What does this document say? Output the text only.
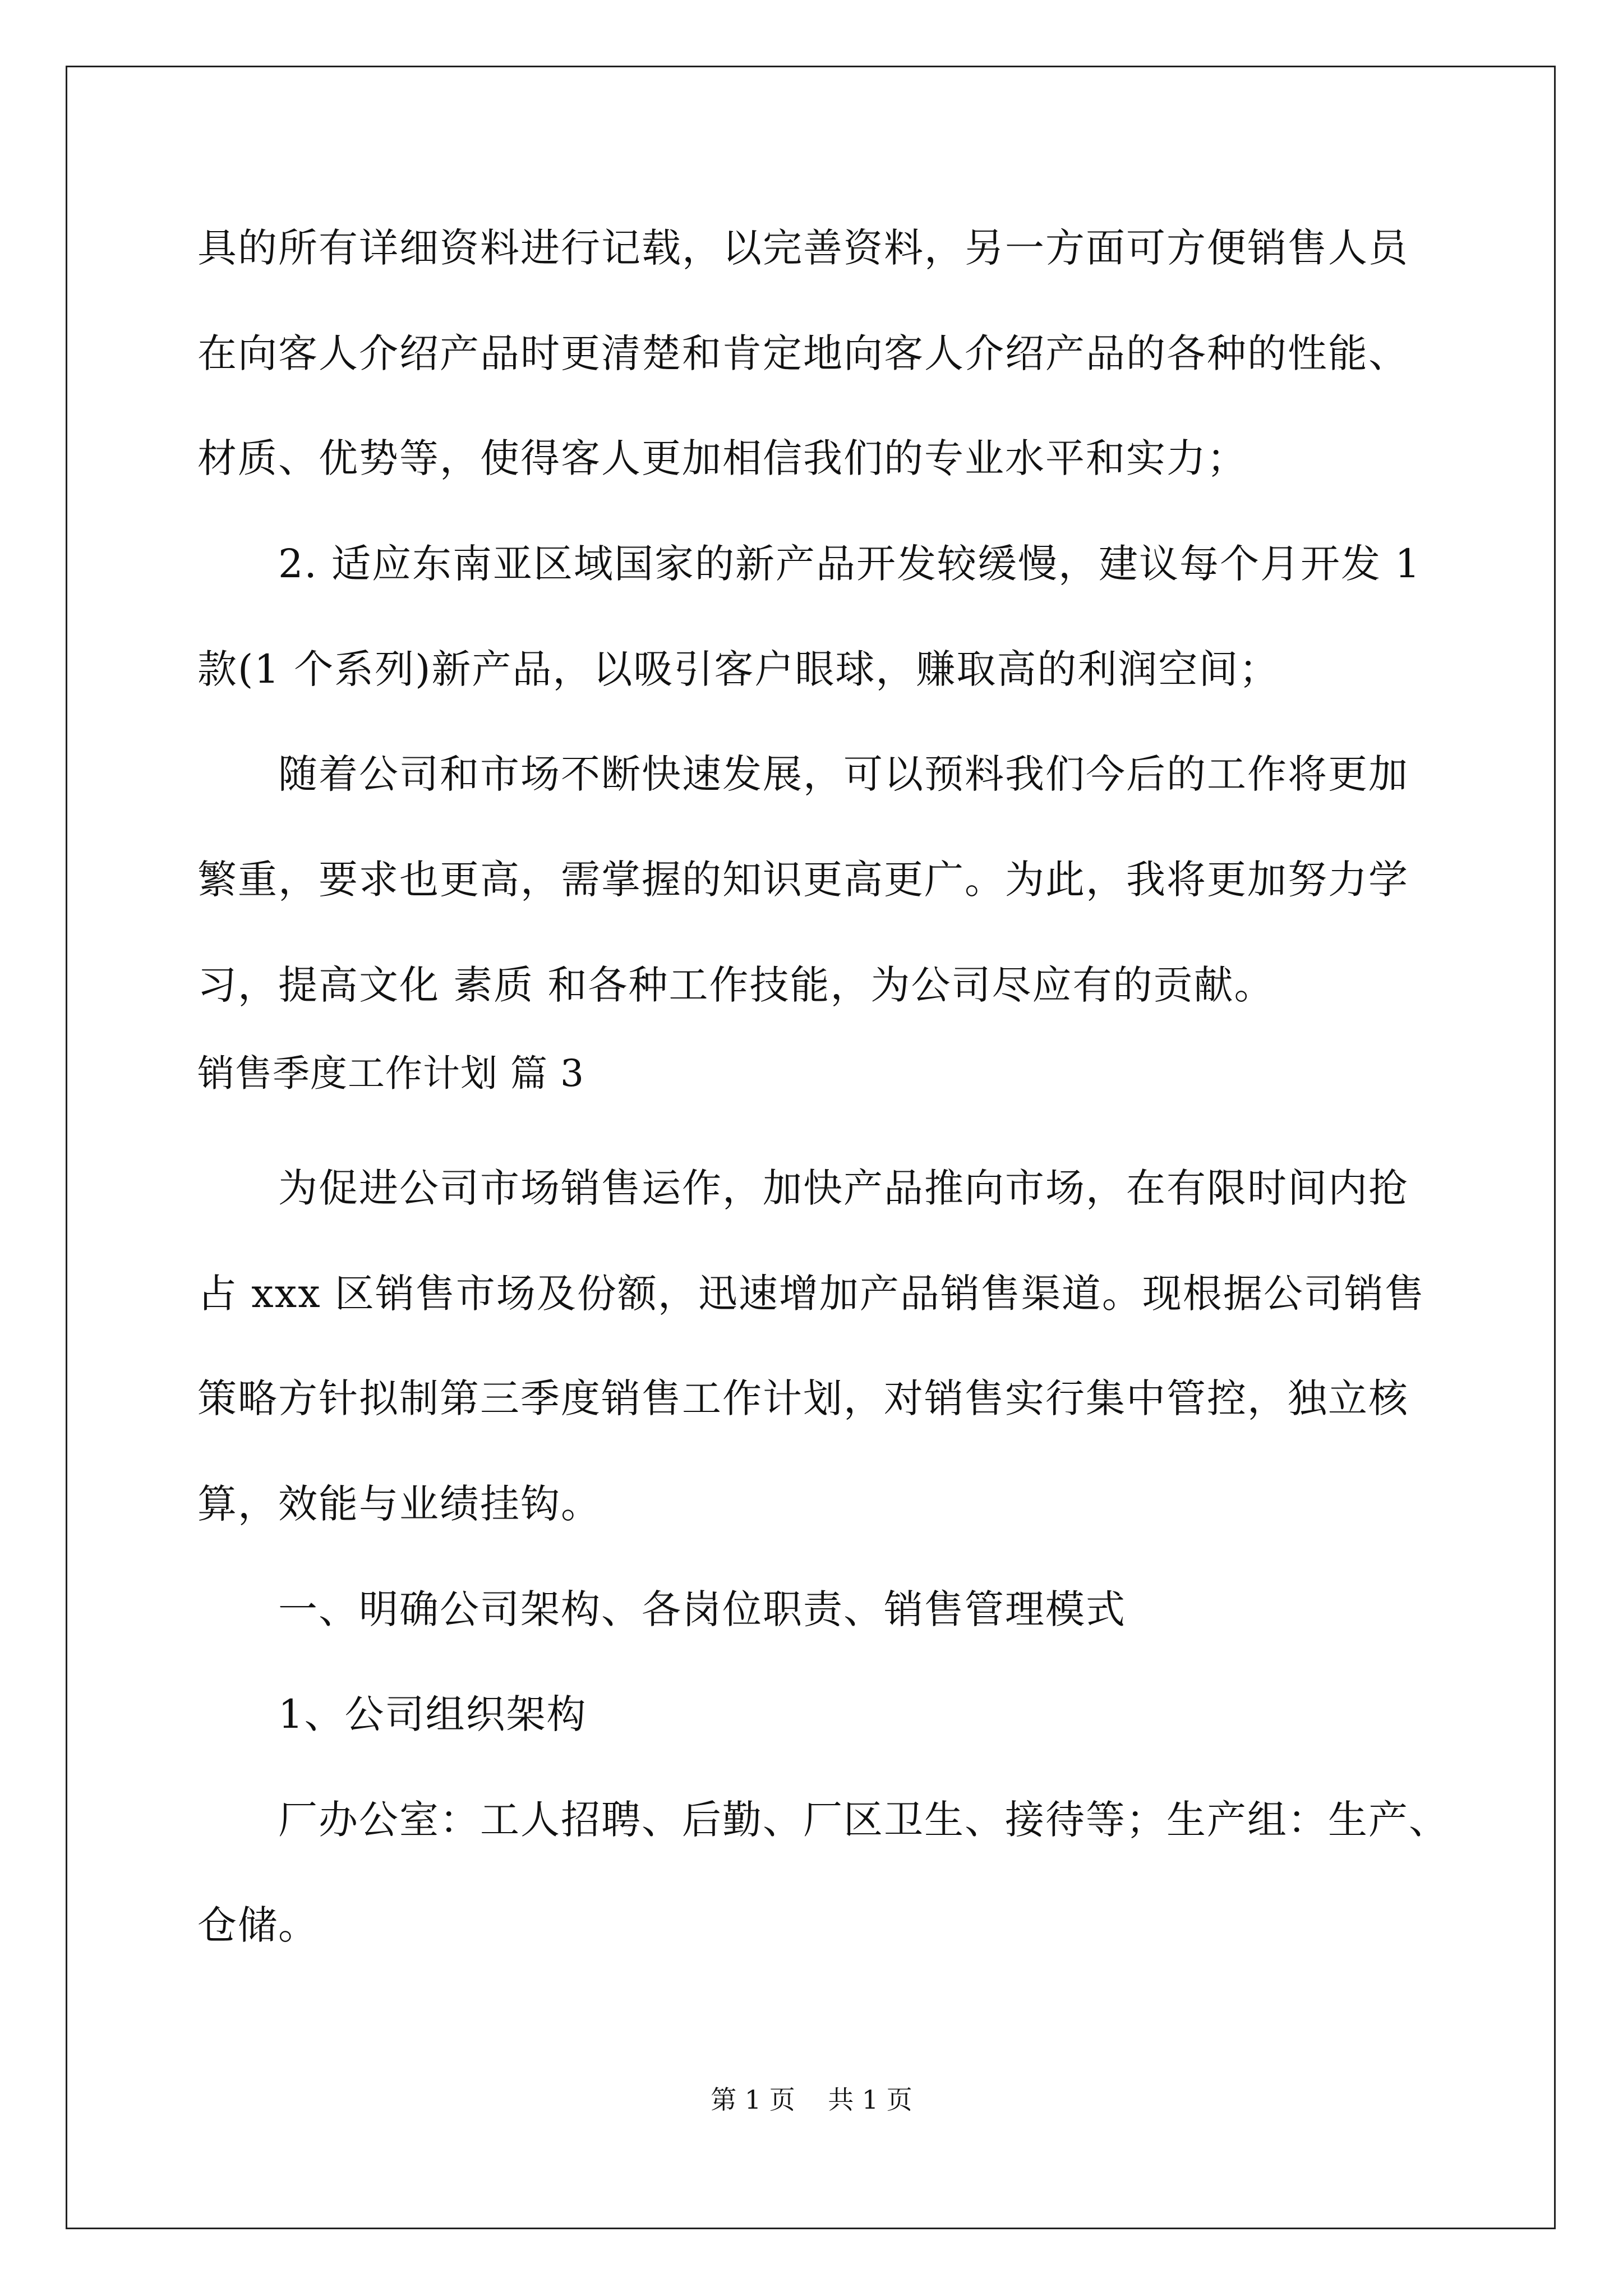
具的所有详细资料进行记载，以完善资料，另一方面可方便销售人员
在向客人介绍产品时更清楚和肯定地向客人介绍产品的各种的性能、
材质、优势等，使得客人更加相信我们的专业水平和实力；
2. 适应东南亚区域国家的新产品开发较缓慢，建议每个月开发 1
款(1 个系列)新产品，以吸引客户眼球，赚取高的利润空间；
随着公司和市场不断快速发展，可以预料我们今后的工作将更加
繁重，要求也更高，需掌握的知识更高更广。为此，我将更加努力学
习，提高文化 素质 和各种工作技能，为公司尽应有的贡献。
销售季度工作计划 篇 3
为促进公司市场销售运作，加快产品推向市场，在有限时间内抢
占 xxx 区销售市场及份额，迅速增加产品销售渠道。现根据公司销售
策略方针拟制第三季度销售工作计划，对销售实行集中管控，独立核
算，效能与业绩挂钩。
一、明确公司架构、各岗位职责、销售管理模式
1、公司组织架构
厂办公室：工人招聘、后勤、厂区卫生、接待等；生产组：生产、
仓储。
第 1 页    共 1 页
